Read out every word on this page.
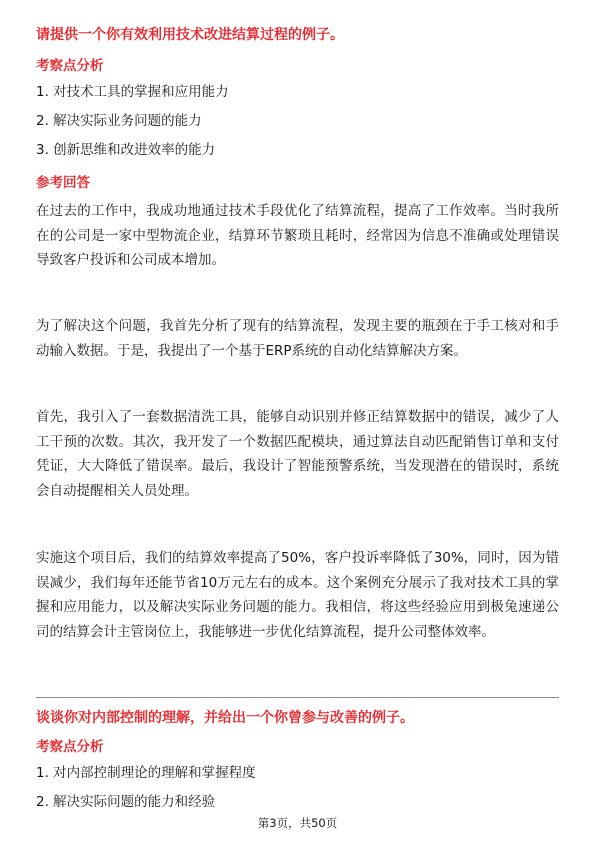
请提供一个你有效利用技术改进结算过程的例子。

考察点分析

1. 对技术工具的掌握和应用能力

2. 解决实际业务问题的能力

3. 创新思维和改进效率的能力

参考回答

在过去的工作中，我成功地通过技术手段优化了结算流程，提高了工作效率。当时我所在的公司是一家中型物流企业，结算环节繁琐且耗时，经常因为信息不准确或处理错误导致客户投诉和公司成本增加。

为了解决这个问题，我首先分析了现有的结算流程，发现主要的瓶颈在于手工核对和手动输入数据。于是，我提出了一个基于ERP系统的自动化结算解决方案。

首先，我引入了一套数据清洗工具，能够自动识别并修正结算数据中的错误，减少了人工干预的次数。其次，我开发了一个数据匹配模块，通过算法自动匹配销售订单和支付凭证，大大降低了错误率。最后，我设计了智能预警系统，当发现潜在的错误时，系统会自动提醒相关人员处理。

实施这个项目后，我们的结算效率提高了50%，客户投诉率降低了30%，同时，因为错误减少，我们每年还能节省10万元左右的成本。这个案例充分展示了我对技术工具的掌握和应用能力，以及解决实际业务问题的能力。我相信，将这些经验应用到极兔速递公司的结算会计主管岗位上，我能够进一步优化结算流程，提升公司整体效率。

谈谈你对内部控制的理解，并给出一个你曾参与改善的例子。

考察点分析

1. 对内部控制理论的理解和掌握程度

2. 解决实际问题的能力和经验

第3页，共50页
